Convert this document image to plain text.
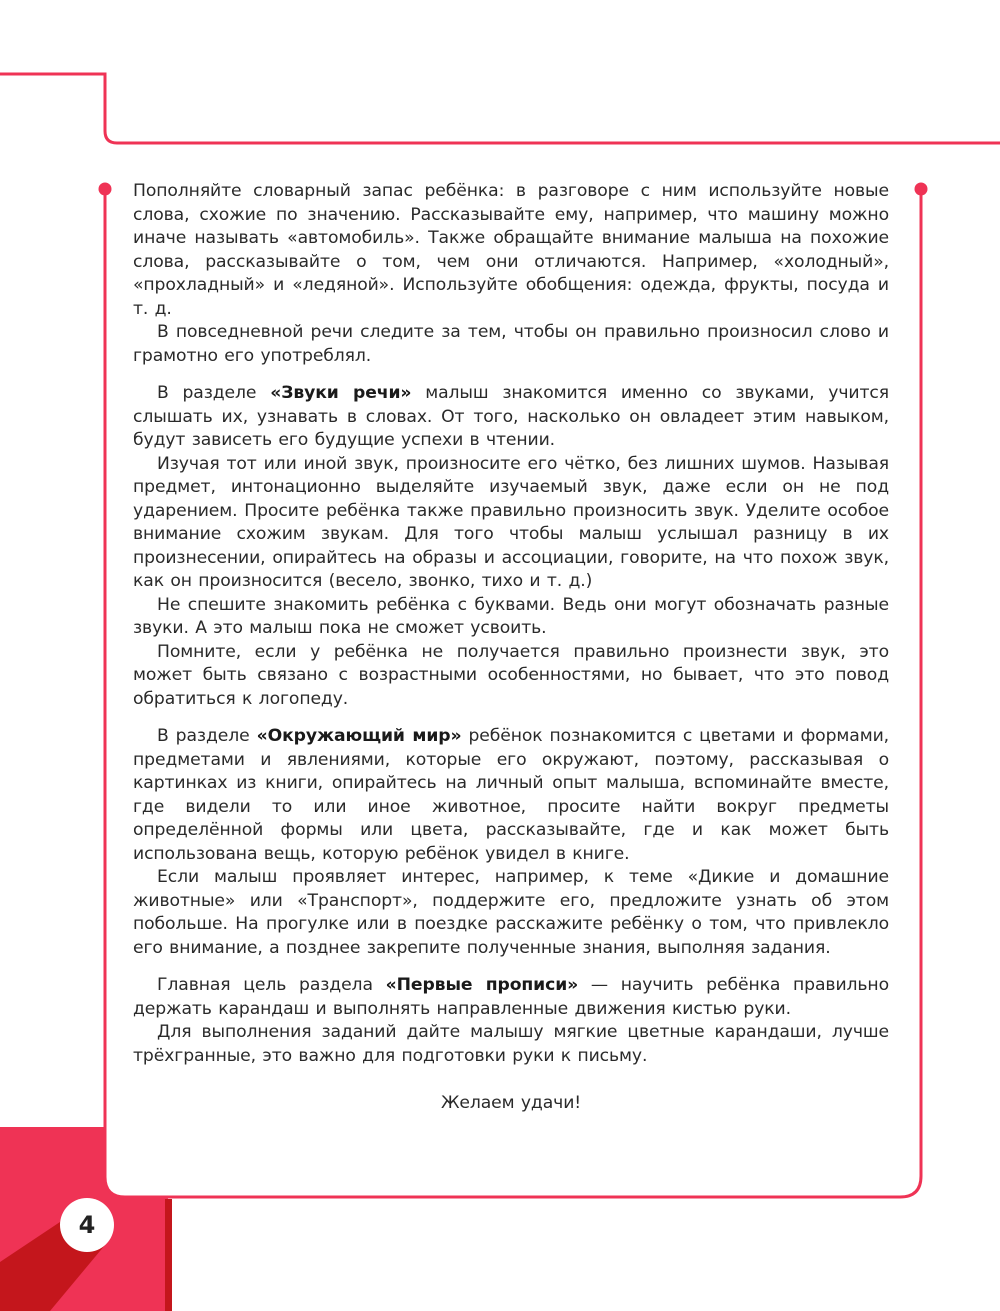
4

Пополняйте словарный запас ребёнка: в разговоре с ним используйте новые слова, схожие по значению. Рассказывайте ему, например, что машину можно иначе называть «автомобиль». Также обращайте внимание малыша на похожие слова, рассказывайте о том, чем они отличаются. Например, «холодный», «прохладный» и «ледяной». Используйте обобщения: одежда, фрукты, посуда и т. д.

В повседневной речи следите за тем, чтобы он правильно произносил слово и грамотно его употреблял.

В разделе «Звуки речи» малыш знакомится именно со звуками, учится слышать их, узнавать в словах. От того, насколько он овладеет этим навыком, будут зависеть его будущие успехи в чтении.

Изучая тот или иной звук, произносите его чётко, без лишних шумов. Называя предмет, интонационно выделяйте изучаемый звук, даже если он не под ударением. Просите ребёнка также правильно произносить звук. Уделите особое внимание схожим звукам. Для того чтобы малыш услышал разницу в их произнесении, опирайтесь на образы и ассоциации, говорите, на что похож звук, как он произносится (весело, звонко, тихо и т. д.)

Не спешите знакомить ребёнка с буквами. Ведь они могут обозначать разные звуки. А это малыш пока не сможет усвоить.

Помните, если у ребёнка не получается правильно произнести звук, это может быть связано с возрастными особенностями, но бывает, что это повод обратиться к логопеду.

В разделе «Окружающий мир» ребёнок познакомится с цветами и формами, предметами и явлениями, которые его окружают, поэтому, рассказывая о картинках из книги, опирайтесь на личный опыт малыша, вспоминайте вместе, где видели то или иное животное, просите найти вокруг предметы определённой формы или цвета, рассказывайте, где и как может быть использована вещь, которую ребёнок увидел в книге.

Если малыш проявляет интерес, например, к теме «Дикие и домашние животные» или «Транспорт», поддержите его, предложите узнать об этом побольше. На прогулке или в поездке расскажите ребёнку о том, что привлекло его внимание, а позднее закрепите полученные знания, выполняя задания.

Главная цель раздела «Первые прописи» — научить ребёнка правильно держать карандаш и выполнять направленные движения кистью руки.

Для выполнения заданий дайте малышу мягкие цветные карандаши, лучше трёхгранные, это важно для подготовки руки к письму.

Желаем удачи!
